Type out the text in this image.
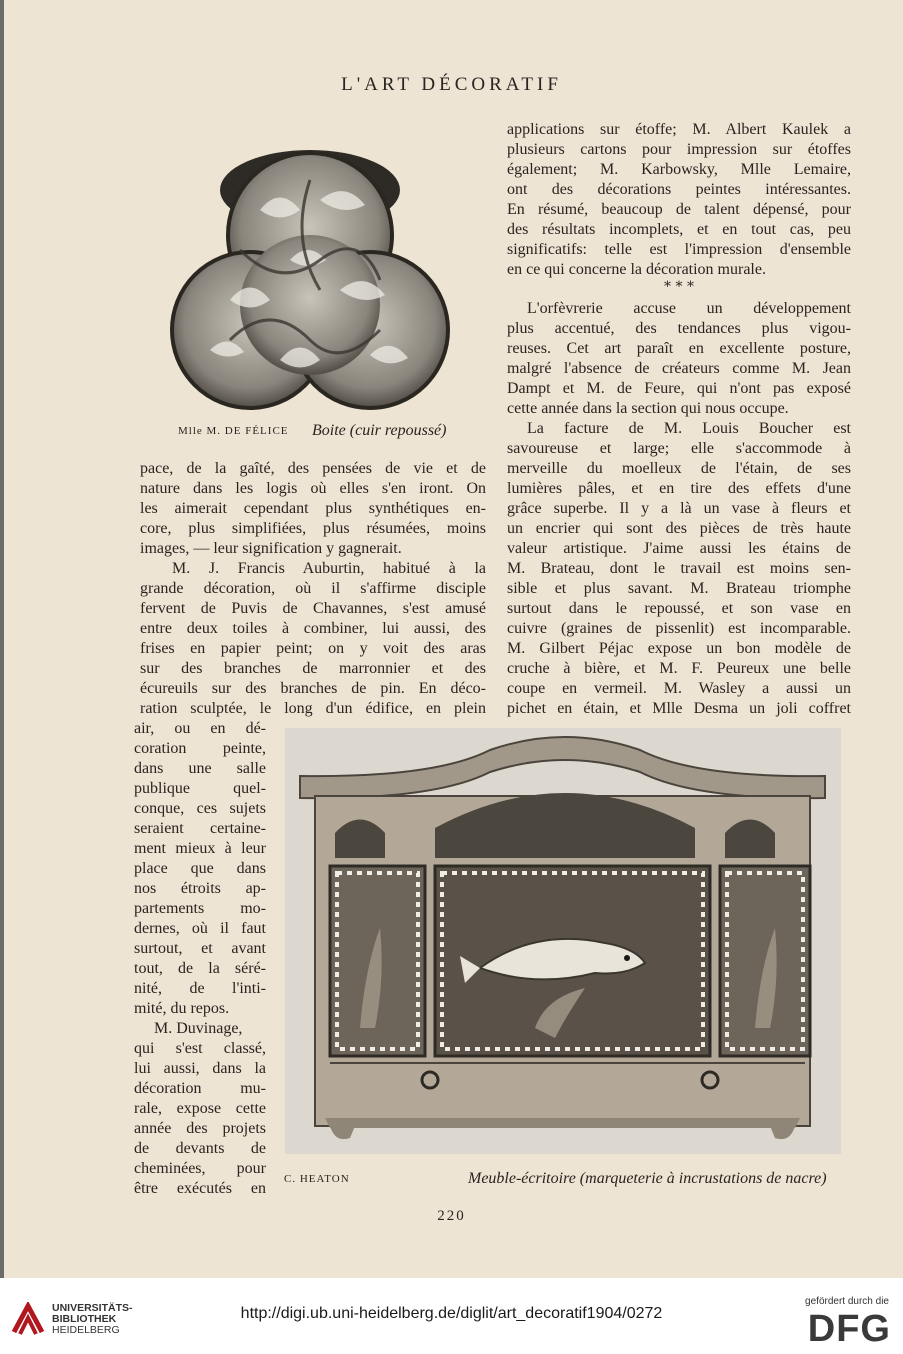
L'ART DÉCORATIF
Mlle M. DE FÉLICE Boite (cuir repoussé)
applications sur étoffe; M. Albert Kaulek a
plusieurs cartons pour impression sur étoffes
également; M. Karbowsky, Mlle Lemaire,
ont des décorations peintes intéressantes.
En résumé, beaucoup de talent dépensé, pour
des résultats incomplets, et en tout cas, peu
significatifs: telle est l'impression d'ensemble
en ce qui concerne la décoration murale.
* * *
L'orfèvrerie accuse un développement
plus accentué, des tendances plus vigou-
reuses. Cet art paraît en excellente posture,
malgré l'absence de créateurs comme M. Jean
Dampt et M. de Feure, qui n'ont pas exposé
cette année dans la section qui nous occupe.
La facture de M. Louis Boucher est
savoureuse et large; elle s'accommode à
merveille du moelleux de l'étain, de ses
lumières pâles, et en tire des effets d'une
grâce superbe. Il y a là un vase à fleurs et
un encrier qui sont des pièces de très haute
valeur artistique. J'aime aussi les étains de
M. Brateau, dont le travail est moins sen-
sible et plus savant. M. Brateau triomphe
surtout dans le repoussé, et son vase en
cuivre (graines de pissenlit) est incomparable.
M. Gilbert Péjac expose un bon modèle de
cruche à bière, et M. F. Peureux une belle
coupe en vermeil. M. Wasley a aussi un
pichet en étain, et Mlle Desma un joli coffret
pace, de la gaîté, des pensées de vie et de
nature dans les logis où elles s'en iront. On
les aimerait cependant plus synthétiques en-
core, plus simplifiées, plus résumées, moins
images, — leur signification y gagnerait.
M. J. Francis Auburtin, habitué à la
grande décoration, où il s'affirme disciple
fervent de Puvis de Chavannes, s'est amusé
entre deux toiles à combiner, lui aussi, des
frises en papier peint; on y voit des aras
sur des branches de marronnier et des
écureuils sur des branches de pin. En déco-
ration sculptée, le long d'un édifice, en plein
air, ou en dé-
coration peinte,
dans une salle
publique quel-
conque, ces sujets
seraient certaine-
ment mieux à leur
place que dans
nos étroits ap-
partements mo-
dernes, où il faut
surtout, et avant
tout, de la séré-
nité, de l'inti-
mité, du repos.
M. Duvinage,
qui s'est classé,
lui aussi, dans la
décoration mu-
rale, expose cette
année des projets
de devants de
cheminées, pour
être exécutés en
C. HEATON	Meuble-écritoire (marqueterie à incrustations de nacre)
220
UNIVERSITÄTS-
BIBLIOTHEK
HEIDELBERG
http://digi.ub.uni-heidelberg.de/diglit/art_decoratif1904/0272
gefördert durch die
DFG
